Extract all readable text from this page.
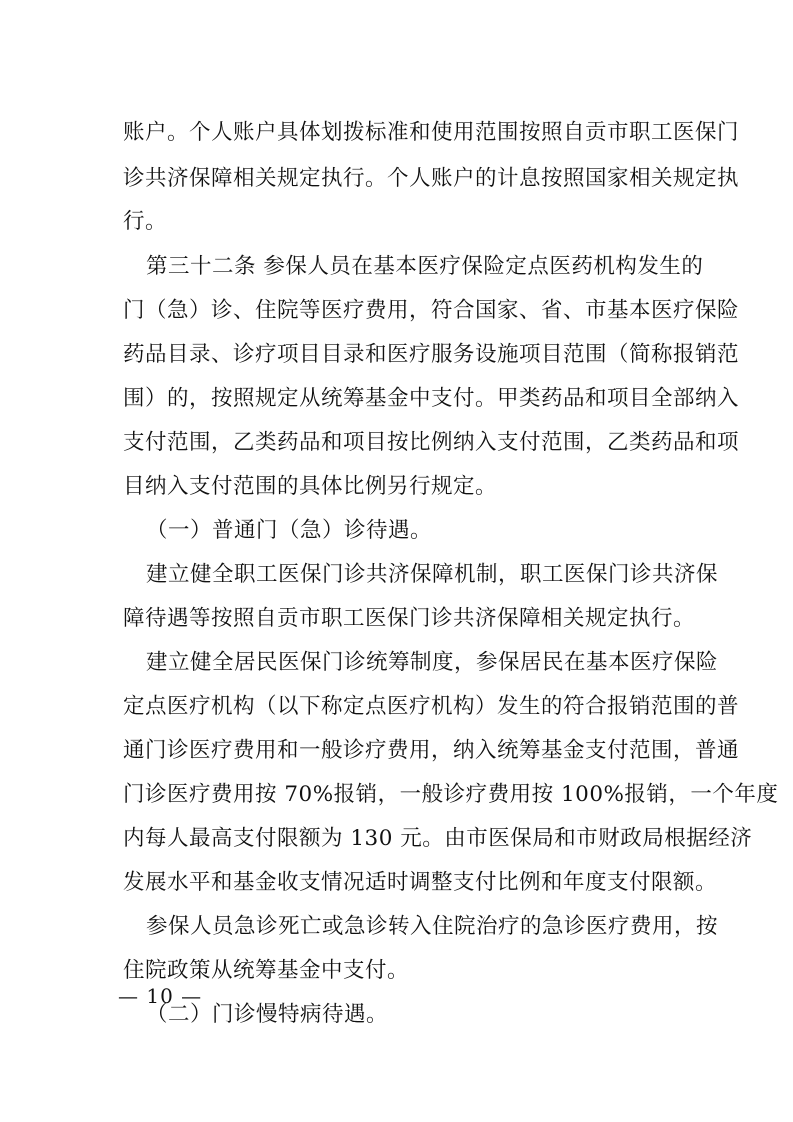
账户。个人账户具体划拨标准和使用范围按照自贡市职工医保门
诊共济保障相关规定执行。个人账户的计息按照国家相关规定执
行。
第三十二条 参保人员在基本医疗保险定点医药机构发生的
门（急）诊、住院等医疗费用，符合国家、省、市基本医疗保险
药品目录、诊疗项目目录和医疗服务设施项目范围（简称报销范
围）的，按照规定从统筹基金中支付。甲类药品和项目全部纳入
支付范围，乙类药品和项目按比例纳入支付范围，乙类药品和项
目纳入支付范围的具体比例另行规定。
（一）普通门（急）诊待遇。
建立健全职工医保门诊共济保障机制，职工医保门诊共济保
障待遇等按照自贡市职工医保门诊共济保障相关规定执行。
建立健全居民医保门诊统筹制度，参保居民在基本医疗保险
定点医疗机构（以下称定点医疗机构）发生的符合报销范围的普
通门诊医疗费用和一般诊疗费用，纳入统筹基金支付范围，普通
门诊医疗费用按 70%报销，一般诊疗费用按 100%报销，一个年度
内每人最高支付限额为 130 元。由市医保局和市财政局根据经济
发展水平和基金收支情况适时调整支付比例和年度支付限额。
参保人员急诊死亡或急诊转入住院治疗的急诊医疗费用，按
住院政策从统筹基金中支付。
（二）门诊慢特病待遇。
— 10 —
